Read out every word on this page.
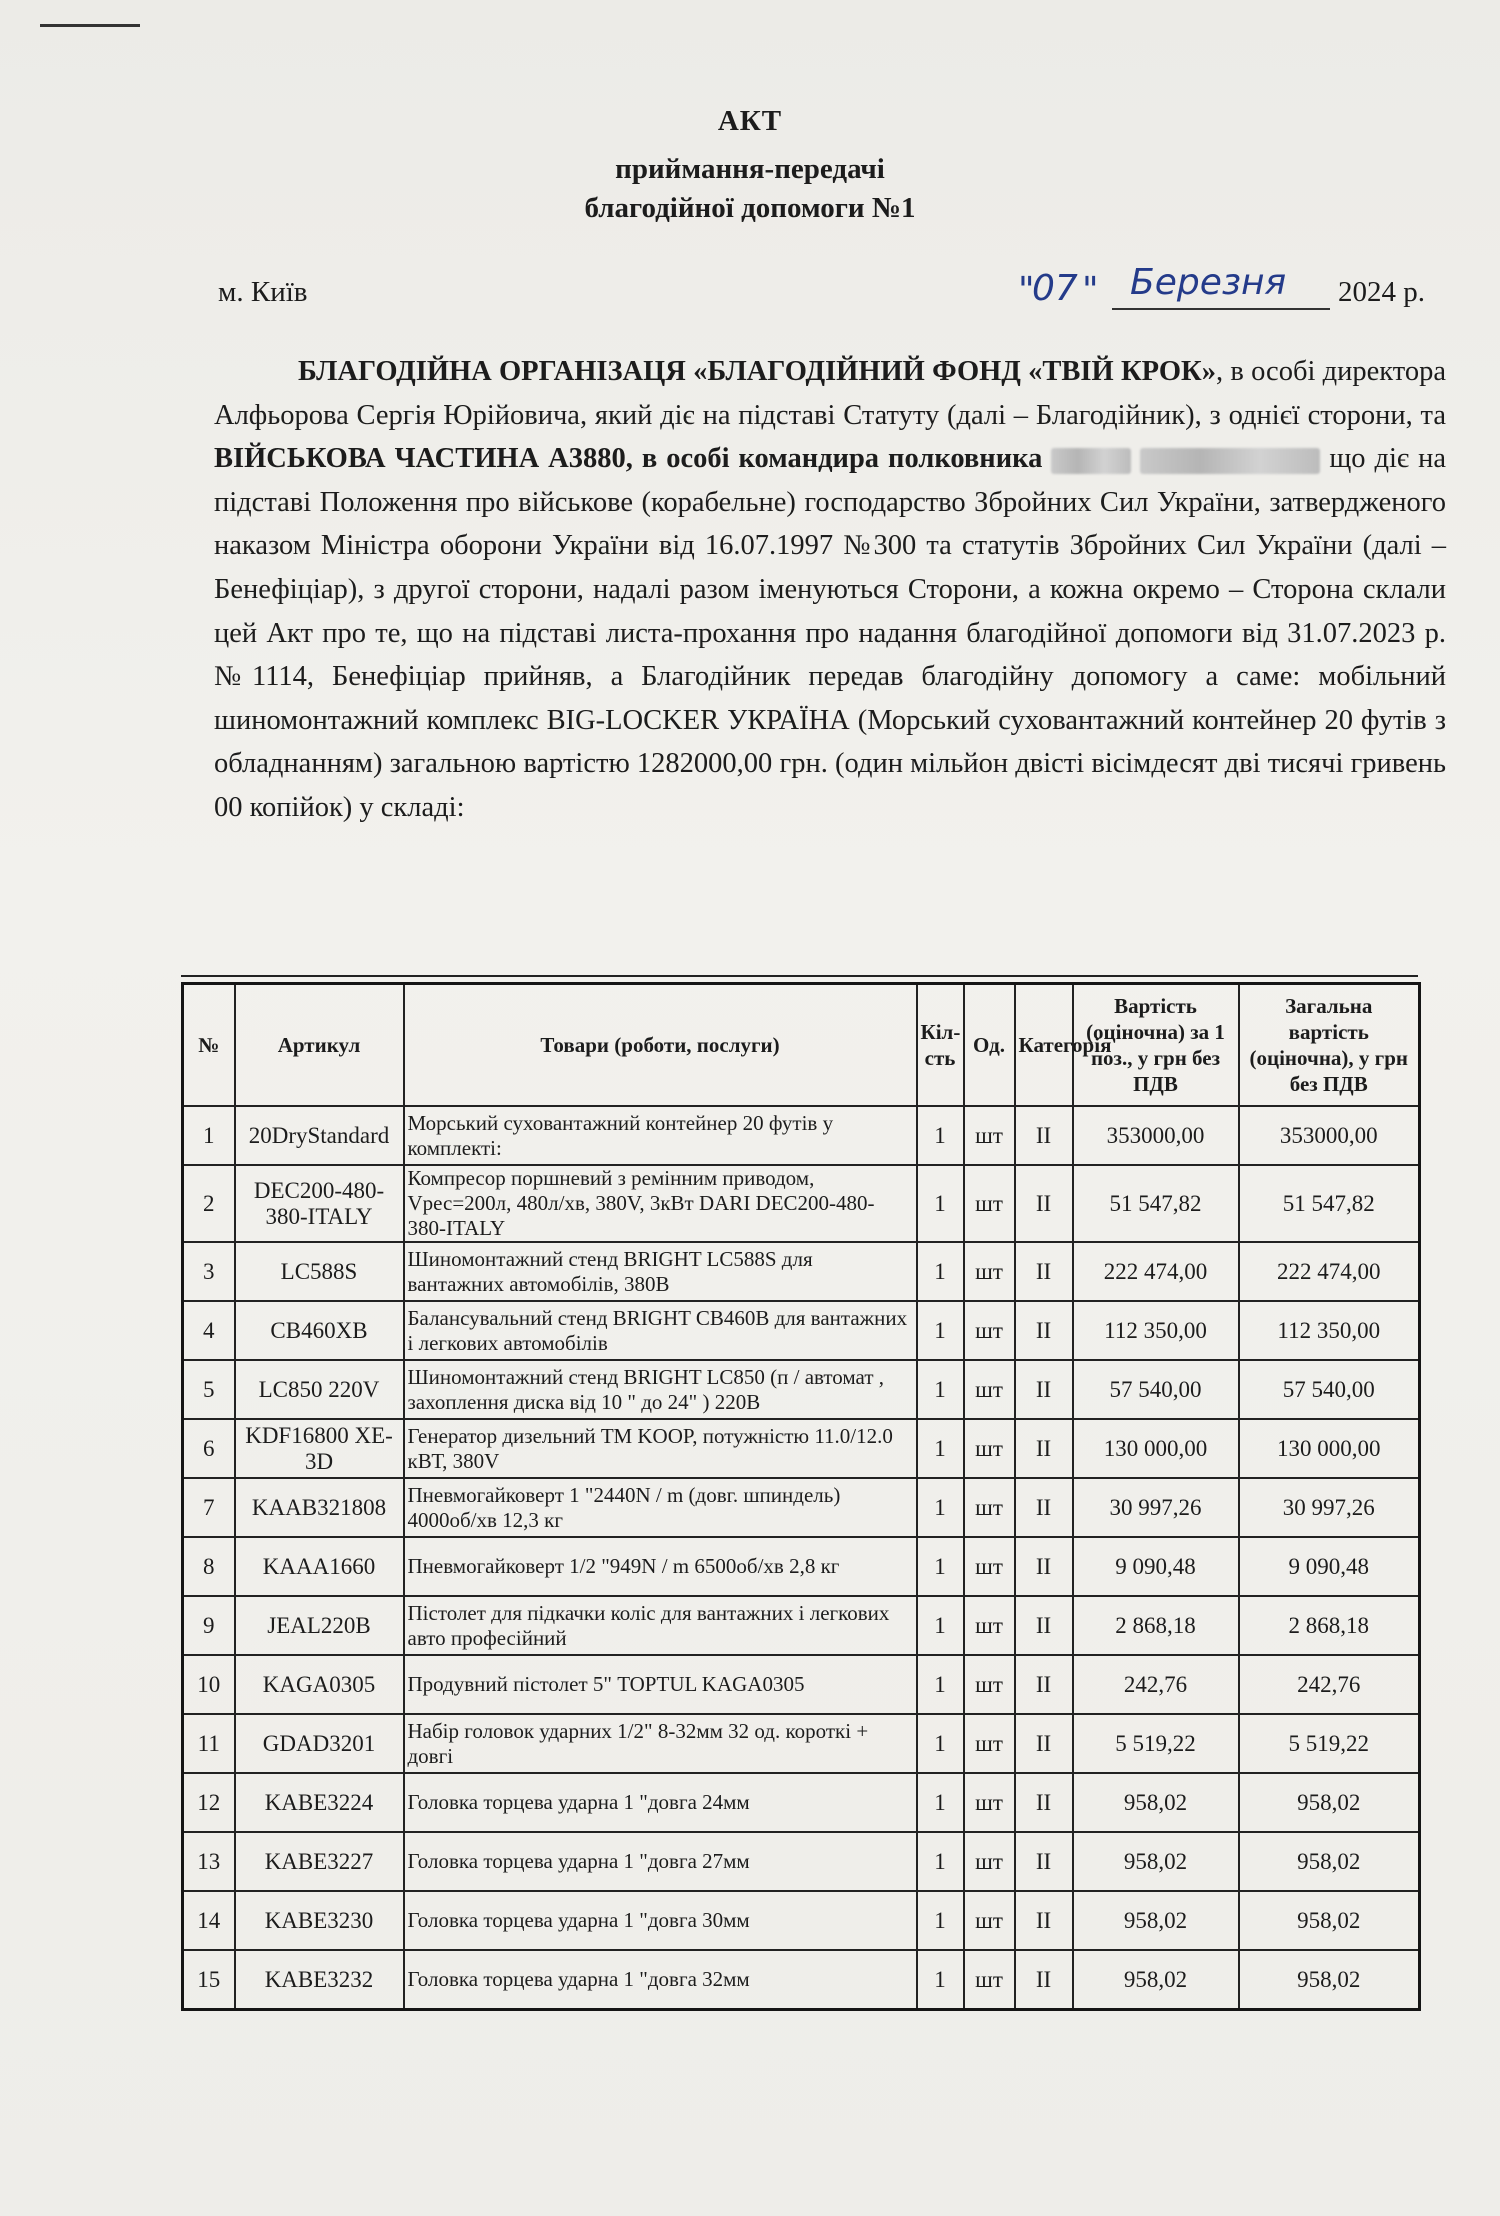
АКТ
приймання-передачі
благодійної допомоги №1
м. Київ	"
07 " Березня 2024 р.
БЛАГОДІЙНА ОРГАНІЗАЦЯ «БЛАГОДІЙНИЙ ФОНД «ТВІЙ КРОК», в особі директора Алфьорова Сергія Юрійовича, який діє на підставі Статуту (далі – Благодійник), з однієї сторони, та ВІЙСЬКОВА ЧАСТИНА А3880, в особі командира полковника	що діє на підставі Положення про військове (корабельне) господарство Збройних Сил України, затвердженого наказом Міністра оборони України від 16.07.1997 №300 та статутів Збройних Сил України (далі – Бенефіціар), з другої сторони, надалі разом іменуються Сторони, а кожна окремо – Сторона склали цей Акт про те, що на підставі листа-прохання про надання благодійної допомоги від 31.07.2023 р. №1114, Бенефіціар прийняв, а Благодійник передав благодійну допомогу а саме: мобільний шиномонтажний комплекс BIG-LOCKER УКРАЇНА (Морський суховантажний контейнер 20 футів з обладнанням) загальною вартістю 1282000,00 грн. (один мільйон двісті вісімдесят дві тисячі гривень 00 копійок) у складі:
№	Артикул	Товари (роботи, послуги)	Кіл-сть	Од.	Категорія	Вартість (оціночна) за 1 поз., у грн без ПДВ	Загальна вартість (оціночна), у грн без ПДВ
1	20DryStandard	Морський суховантажний контейнер 20 футів у комплекті:	1	шт	II	353000,00	353000,00
2	DEC200-480-380-ITALY	Компресор поршневий з ремінним приводом, Vрес=200л, 480л/хв, 380V, 3кВт DARI DEC200-480-380-ITALY	1	шт	II	51 547,82	51 547,82
3	LC588S	Шиномонтажний стенд BRIGHT LC588S для вантажних автомобілів, 380В	1	шт	II	222 474,00	222 474,00
4	CB460XB	Балансувальний стенд BRIGHT CB460B для вантажних і легкових автомобілів	1	шт	II	112 350,00	112 350,00
5	LC850 220V	Шиномонтажний стенд BRIGHT LC850 (п / автомат , захоплення диска від 10 " до 24" ) 220В	1	шт	II	57 540,00	57 540,00
6	KDF16800 XE-3D	Генератор дизельний ТМ KOOP, потужністю 11.0/12.0 кВТ, 380V	1	шт	II	130 000,00	130 000,00
7	KAAB321808	Пневмогайковерт 1 "2440N / m (довг. шпиндель) 4000об/хв 12,3 кг	1	шт	II	30 997,26	30 997,26
8	KAAA1660	Пневмогайковерт 1/2 "949N / m 6500об/хв 2,8 кг	1	шт	II	9 090,48	9 090,48
9	JEAL220B	Пістолет для підкачки коліс для вантажних і легкових авто професійний	1	шт	II	2 868,18	2 868,18
10	KAGA0305	Продувний пістолет 5" TOPTUL KAGA0305	1	шт	II	242,76	242,76
11	GDAD3201	Набір головок ударних 1/2" 8-32мм 32 од. короткі + довгі	1	шт	II	5 519,22	5 519,22
12	KABE3224	Головка торцева ударна 1 "довга 24мм	1	шт	II	958,02	958,02
13	KABE3227	Головка торцева ударна 1 "довга 27мм	1	шт	II	958,02	958,02
14	KABE3230	Головка торцева ударна 1 "довга 30мм	1	шт	II	958,02	958,02
15	KABE3232	Головка торцева ударна 1 "довга 32мм	1	шт	II	958,02	958,02
